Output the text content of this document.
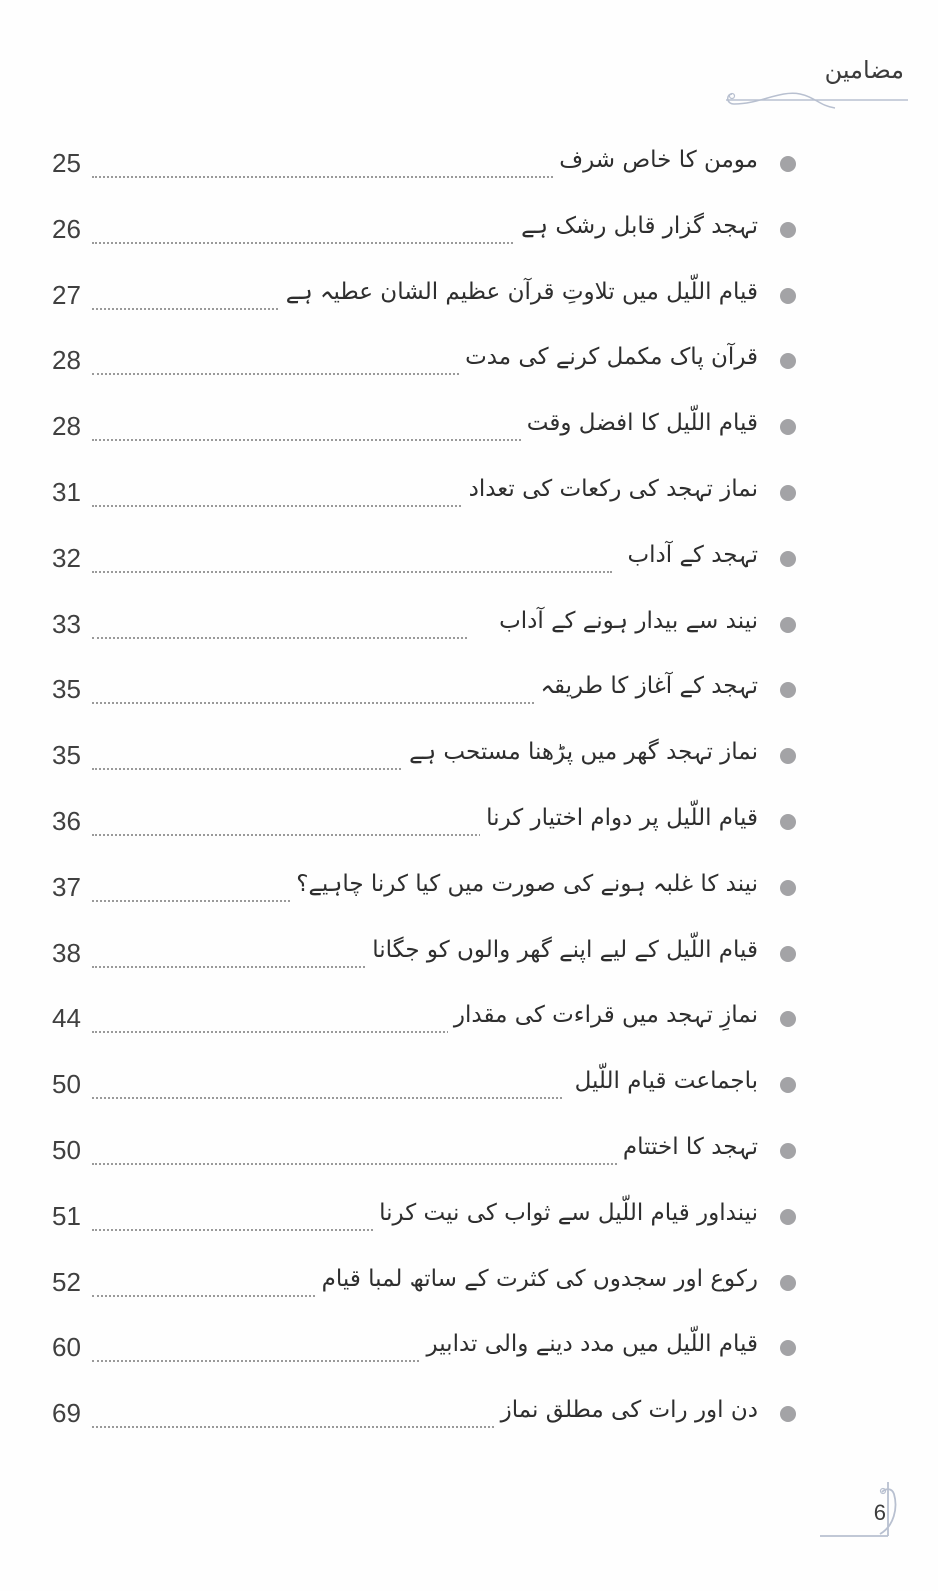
مضامین
25	مومن کا خاص شرف
26	تہجد گزار قابل رشک ہے
27	قیام اللّیل میں تلاوتِ قرآن عظیم الشان عطیہ ہے
28	قرآن پاک مکمل کرنے کی مدت
28	قیام اللّیل کا افضل وقت
31	نماز تہجد کی رکعات کی تعداد
32	تہجد کے آداب
33	نیند سے بیدار ہونے کے آداب
35	تہجد کے آغاز کا طریقہ
35	نماز تہجد گھر میں پڑھنا مستحب ہے
36	قیام اللّیل پر دوام اختیار کرنا
37	نیند کا غلبہ ہونے کی صورت میں کیا کرنا چاہیے؟
38	قیام اللّیل کے لیے اپنے گھر والوں کو جگانا
44	نمازِ تہجد میں قراءت کی مقدار
50	باجماعت قیام اللّیل
50	تہجد کا اختتام
51	نینداور قیام اللّیل سے ثواب کی نیت کرنا
52	رکوع اور سجدوں کی کثرت کے ساتھ لمبا قیام
60	قیام اللّیل میں مدد دینے والی تدابیر
69	دن اور رات کی مطلق نماز
6
